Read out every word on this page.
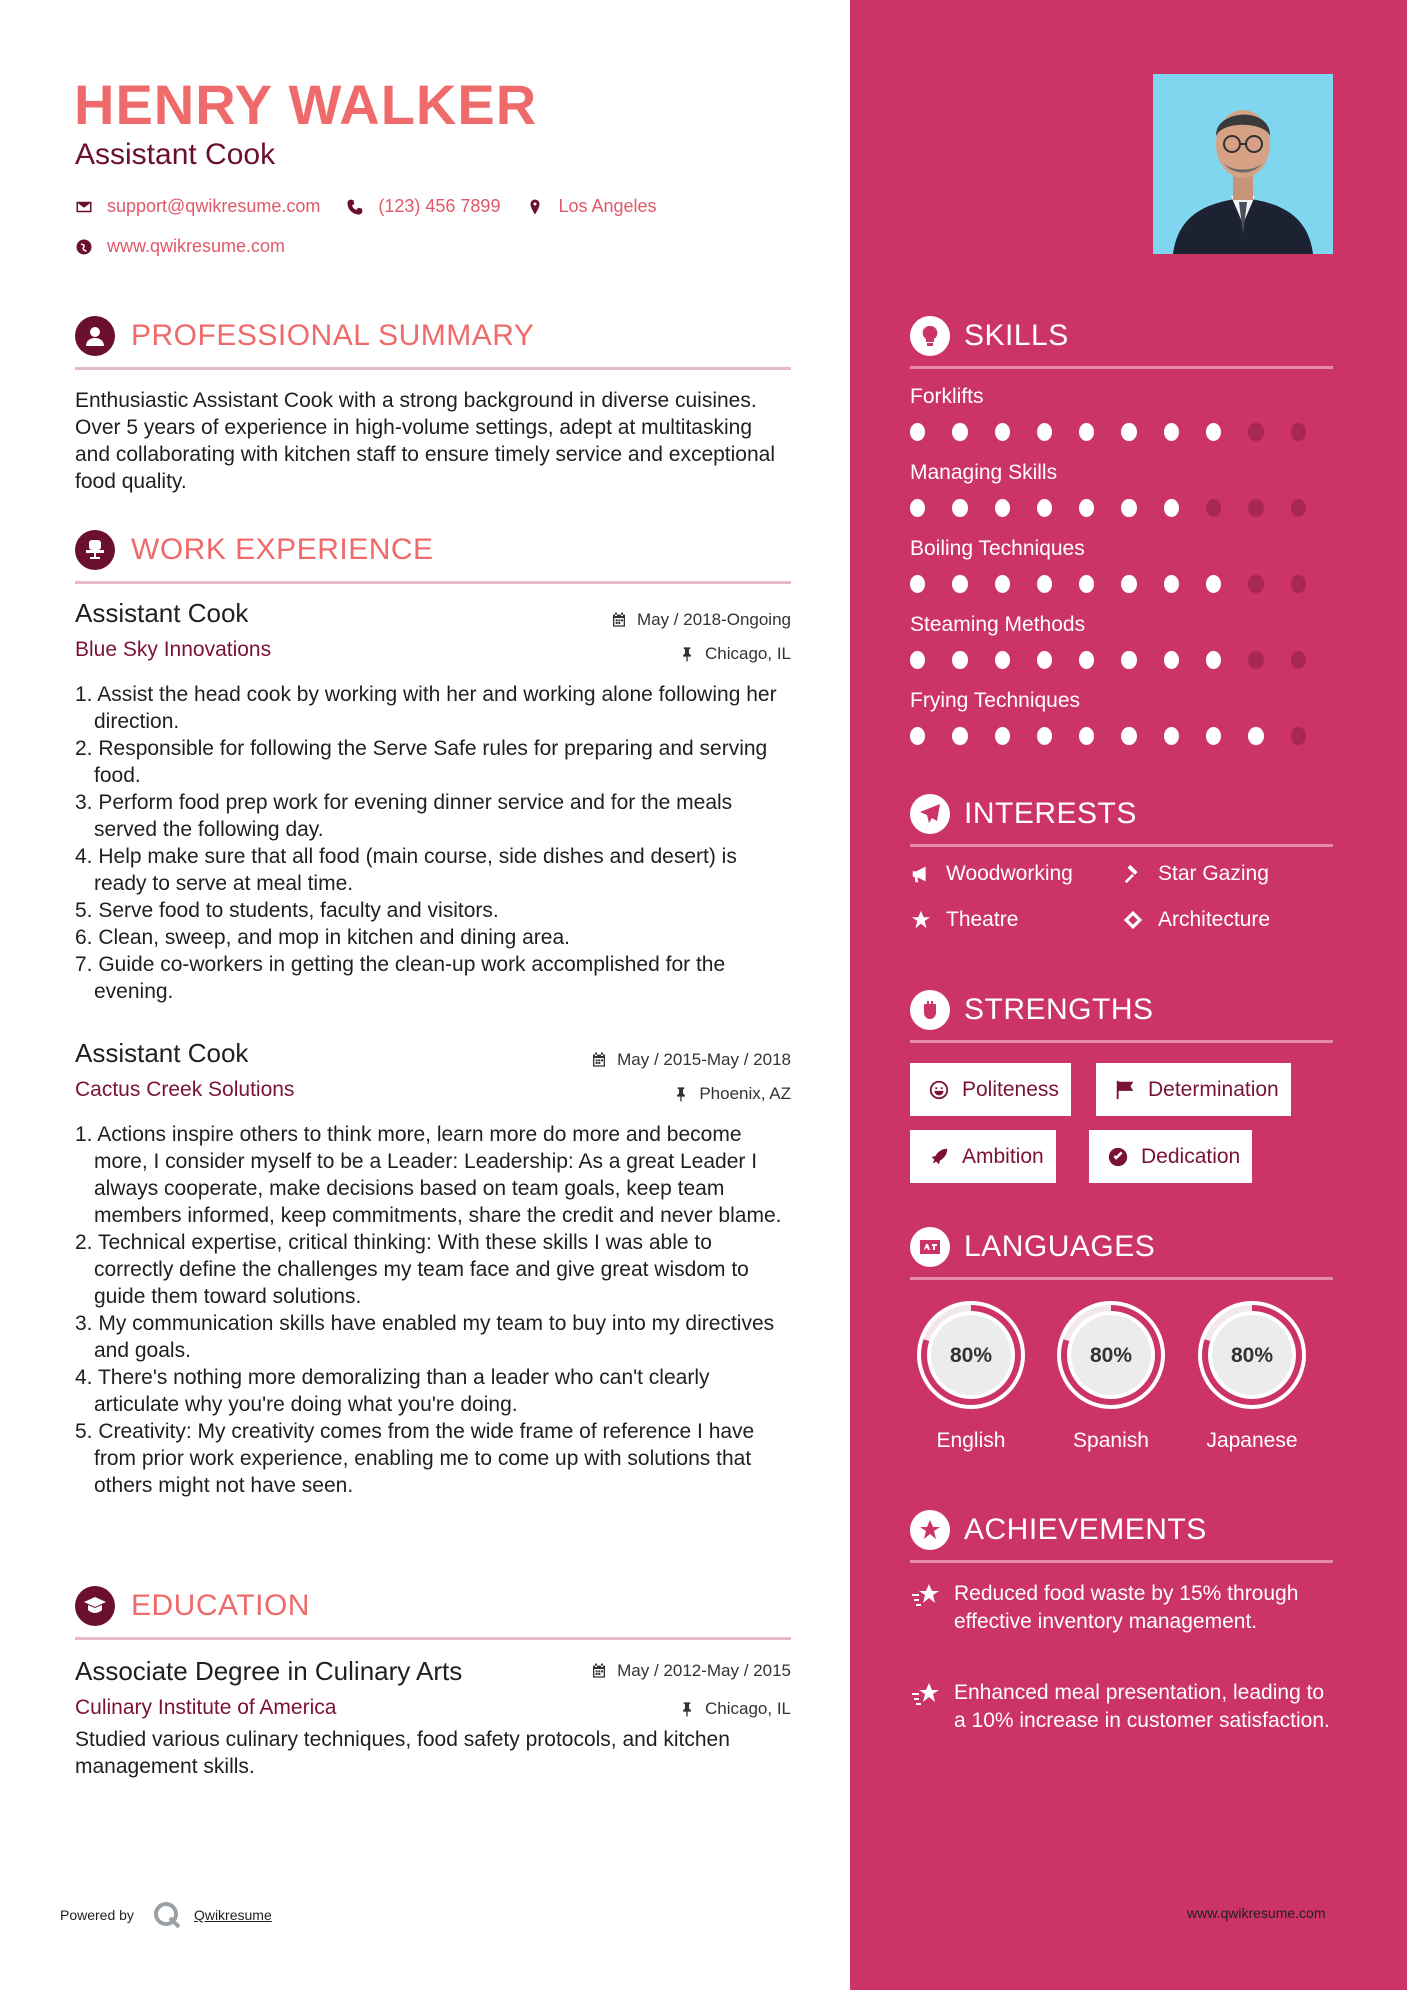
HENRY WALKER
Assistant Cook
support@qwikresume.com	(123) 456 7899	Los Angeles
www.qwikresume.com
PROFESSIONAL SUMMARY

Enthusiastic Assistant Cook with a strong background in diverse cuisines. Over 5 years of experience in high-volume settings, adept at multitasking and collaborating with kitchen staff to ensure timely service and exceptional food quality.

WORK EXPERIENCE
Assistant Cook	May / 2018-Ongoing
Blue Sky Innovations	Chicago, IL
1. Assist the head cook by working with her and working alone following her direction.
2. Responsible for following the Serve Safe rules for preparing and serving food.
3. Perform food prep work for evening dinner service and for the meals served the following day.
4. Help make sure that all food (main course, side dishes and desert) is ready to serve at meal time.
5. Serve food to students, faculty and visitors.
6. Clean, sweep, and mop in kitchen and dining area.
7. Guide co-workers in getting the clean-up work accomplished for the evening.
Assistant Cook	May / 2015-May / 2018
Cactus Creek Solutions	Phoenix, AZ
1. Actions inspire others to think more, learn more do more and become more, I consider myself to be a Leader: Leadership: As a great Leader I always cooperate, make decisions based on team goals, keep team members informed, keep commitments, share the credit and never blame.
2. Technical expertise, critical thinking: With these skills I was able to correctly define the challenges my team face and give great wisdom to guide them toward solutions.
3. My communication skills have enabled my team to buy into my directives and goals.
4. There's nothing more demoralizing than a leader who can't clearly articulate why you're doing what you're doing.
5. Creativity: My creativity comes from the wide frame of reference I have from prior work experience, enabling me to come up with solutions that others might not have seen.
EDUCATION
Associate Degree in Culinary Arts	May / 2012-May / 2015
Culinary Institute of America	Chicago, IL

Studied various culinary techniques, food safety protocols, and kitchen management skills.

Powered by	Qwikresume	www.qwikresume.com
SKILLS
Forklifts
Managing Skills
Boiling Techniques
Steaming Methods
Frying Techniques
INTERESTS
Woodworking	Star Gazing
Theatre	Architecture
STRENGTHS
Politeness	Determination
Ambition	Dedication
LANGUAGES
80%
English
80%
Spanish
80%
Japanese
ACHIEVEMENTS
Reduced food waste by 15% through effective inventory management.
Enhanced meal presentation, leading to a 10% increase in customer satisfaction.
